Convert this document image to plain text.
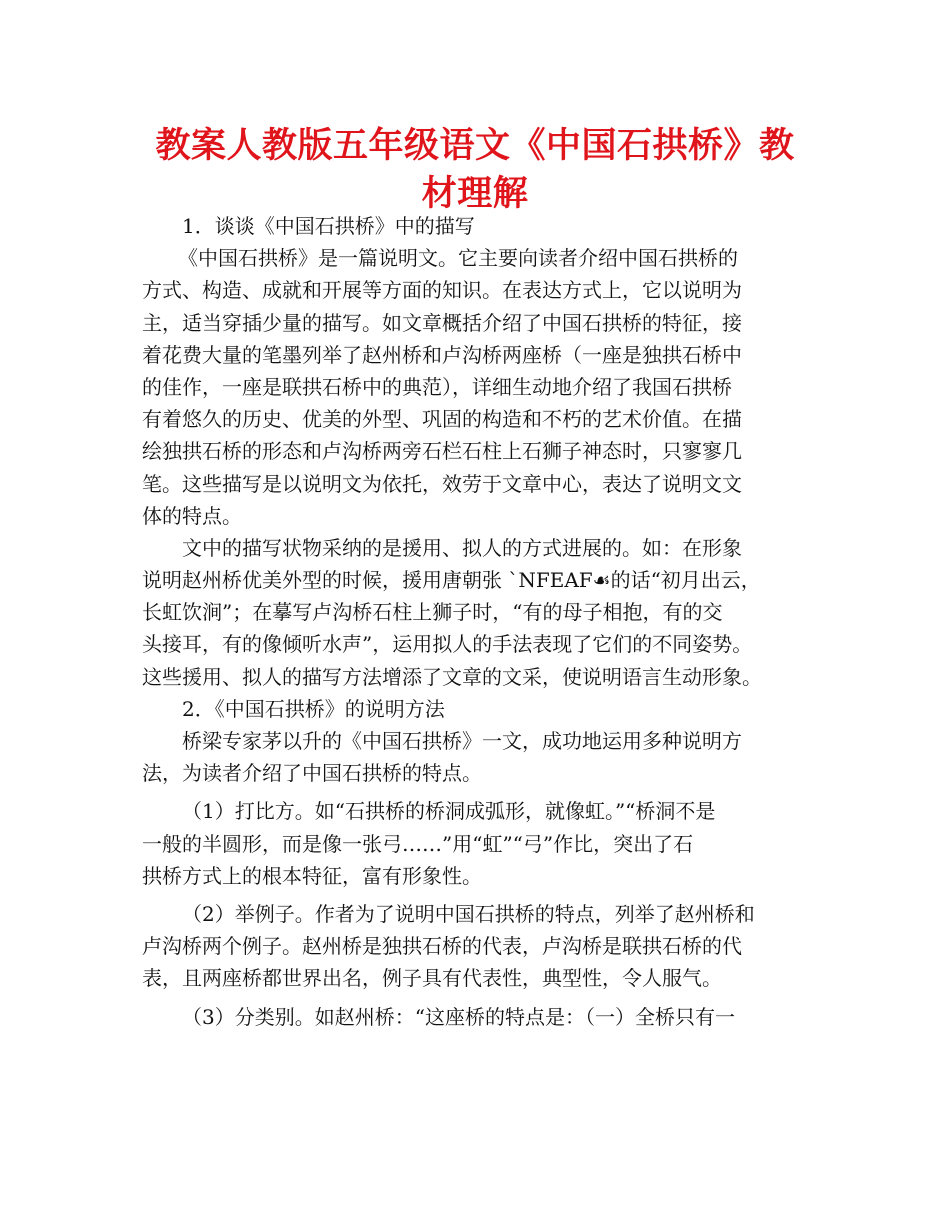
教案人教版五年级语文《中国石拱桥》教
材理解
1．谈谈《中国石拱桥》中的描写
《中国石拱桥》是一篇说明文。它主要向读者介绍中国石拱桥的
方式、构造、成就和开展等方面的知识。在表达方式上，它以说明为
主，适当穿插少量的描写。如文章概括介绍了中国石拱桥的特征，接
着花费大量的笔墨列举了赵州桥和卢沟桥两座桥（一座是独拱石桥中
的佳作，一座是联拱石桥中的典范），详细生动地介绍了我国石拱桥
有着悠久的历史、优美的外型、巩固的构造和不朽的艺术价值。在描
绘独拱石桥的形态和卢沟桥两旁石栏石柱上石狮子神态时，只寥寥几
笔。这些描写是以说明文为依托，效劳于文章中心，表达了说明文文
体的特点。
文中的描写状物采纳的是援用、拟人的方式进展的。如：在形象
说明赵州桥优美外型的时候，援用唐朝张 `NFEAF☙的话“初月出云，
长虹饮涧”；在摹写卢沟桥石柱上狮子时，“有的母子相抱，有的交
头接耳，有的像倾听水声”，运用拟人的手法表现了它们的不同姿势。
这些援用、拟人的描写方法增添了文章的文采，使说明语言生动形象。
2．《中国石拱桥》的说明方法
桥梁专家茅以升的《中国石拱桥》一文，成功地运用多种说明方
法，为读者介绍了中国石拱桥的特点。
（1）打比方。如“石拱桥的桥洞成弧形，就像虹。”“桥洞不是
一般的半圆形，而是像一张弓……”用“虹”“弓”作比，突出了石
拱桥方式上的根本特征，富有形象性。
（2）举例子。作者为了说明中国石拱桥的特点，列举了赵州桥和
卢沟桥两个例子。赵州桥是独拱石桥的代表，卢沟桥是联拱石桥的代
表，且两座桥都世界出名，例子具有代表性，典型性，令人服气。
（3）分类别。如赵州桥：“这座桥的特点是：（一）全桥只有一
